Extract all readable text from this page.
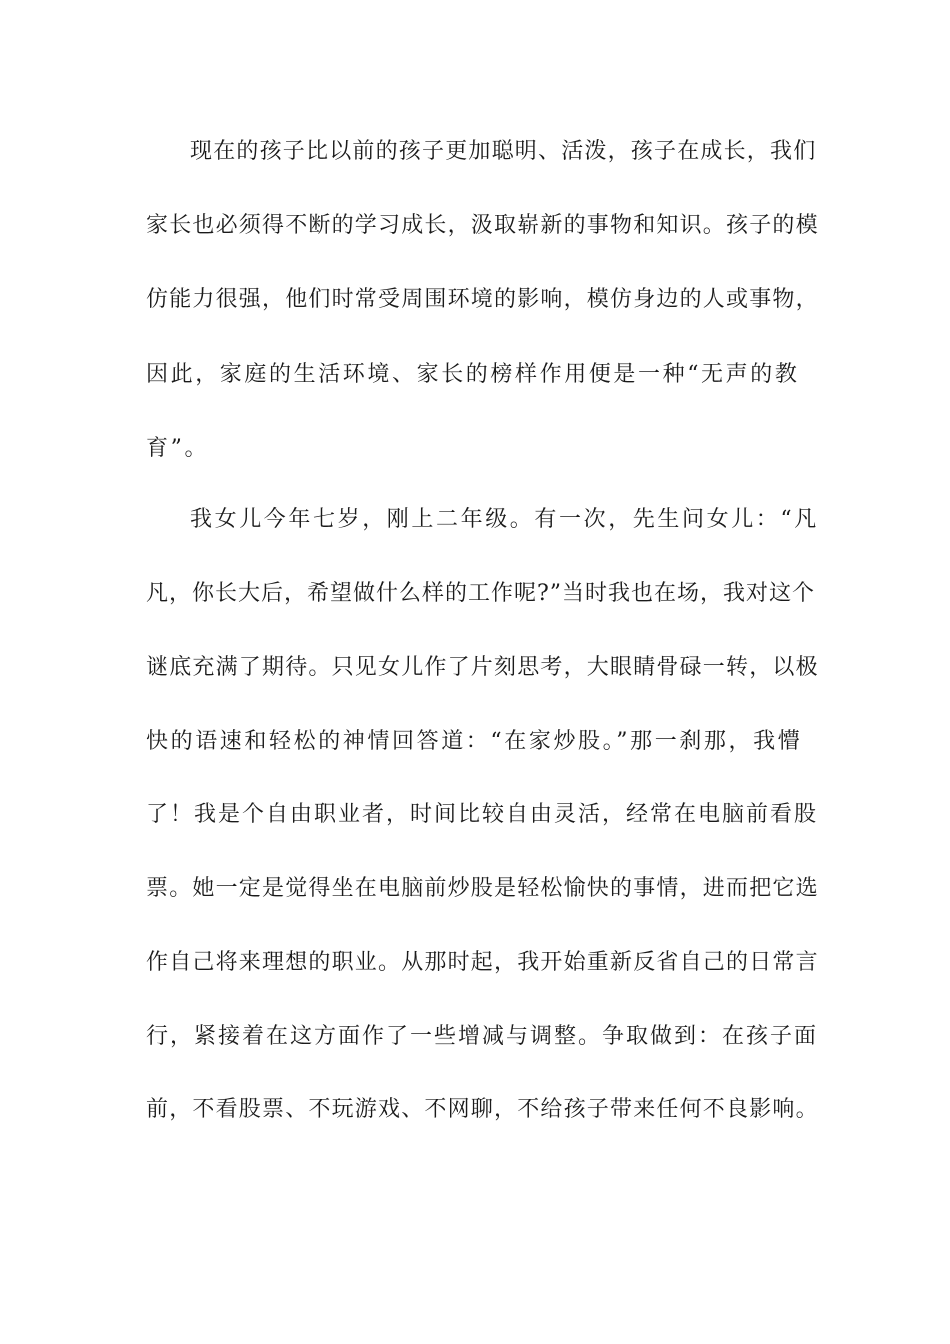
现在的孩子比以前的孩子更加聪明、活泼，孩子在成长，我们
家长也必须得不断的学习成长，汲取崭新的事物和知识。孩子的模
仿能力很强，他们时常受周围环境的影响，模仿身边的人或事物，
因此，家庭的生活环境、家长的榜样作用便是一种“无声的教
育”。
我女儿今年七岁，刚上二年级。有一次，先生问女儿：“凡
凡，你长大后，希望做什么样的工作呢?”当时我也在场，我对这个
谜底充满了期待。只见女儿作了片刻思考，大眼睛骨碌一转，以极
快的语速和轻松的神情回答道：“在家炒股。”那一刹那，我懵
了！我是个自由职业者，时间比较自由灵活，经常在电脑前看股
票。她一定是觉得坐在电脑前炒股是轻松愉快的事情，进而把它选
作自己将来理想的职业。从那时起，我开始重新反省自己的日常言
行，紧接着在这方面作了一些增减与调整。争取做到：在孩子面
前，不看股票、不玩游戏、不网聊，不给孩子带来任何不良影响。
